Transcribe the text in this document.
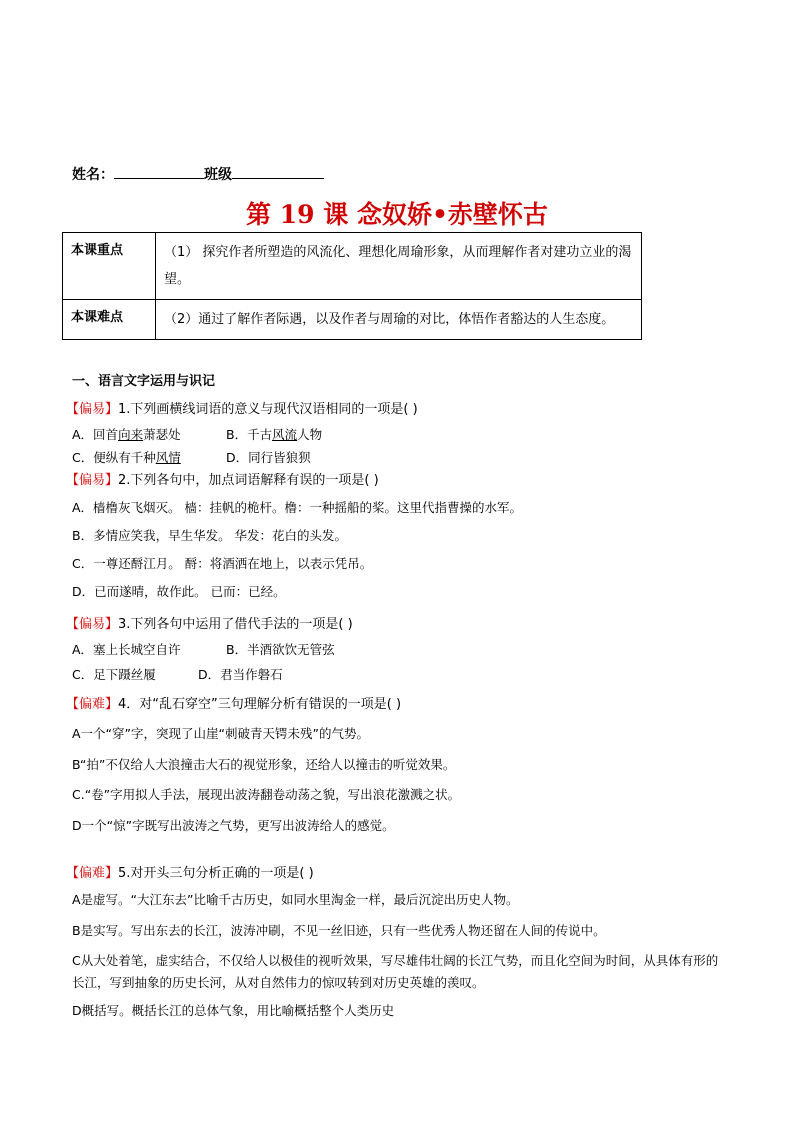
姓名：	班级
第 19 课 念奴娇•赤壁怀古
本课重点	（1） 探究作者所塑造的风流化、理想化周瑜形象，从而理解作者对建功立业的渴望。
本课难点	（2）通过了解作者际遇，以及作者与周瑜的对比，体悟作者豁达的人生态度。
一、语言文字运用与识记
【偏易】1.下列画横线词语的意义与现代汉语相同的一项是( )
A．回首向来萧瑟处	B．千古风流人物
C．便纵有千种风情	D．同行皆狼狈
【偏易】2.下列各句中，加点词语解释有误的一项是( )
A．樯橹灰飞烟灭。 樯：挂帆的桅杆。橹：一种摇船的桨。这里代指曹操的水军。
B．多情应笑我，早生华发。 华发：花白的头发。
C．一尊还酹江月。 酹：将酒洒在地上，以表示凭吊。
D．已而遂晴，故作此。 已而：已经。
【偏易】3.下列各句中运用了借代手法的一项是( )
A．塞上长城空自许	B．半酒欲饮无管弦
C．足下蹑丝履	D．君当作磐石
【偏难】4．对“乱石穿空”三句理解分析有错误的一项是( )
A一个“穿”字，突现了山崖“刺破青天锷未残”的气势。
B“拍”不仅给人大浪撞击大石的视觉形象，还给人以撞击的听觉效果。
C.“卷”字用拟人手法，展现出波涛翻卷动荡之貌，写出浪花激溅之状。
D一个“惊”字既写出波涛之气势，更写出波涛给人的感觉。
【偏难】5.对开头三句分析正确的一项是( )
A是虚写。“大江东去”比喻千古历史，如同水里淘金一样，最后沉淀出历史人物。
B是实写。写出东去的长江，波涛冲刷，不见一丝旧迹，只有一些优秀人物还留在人间的传说中。
C从大处着笔，虚实结合，不仅给人以极佳的视听效果，写尽雄伟壮阔的长江气势，而且化空间为时间，从具体有形的长江，写到抽象的历史长河，从对自然伟力的惊叹转到对历史英雄的羡叹。
D概括写。概括长江的总体气象，用比喻概括整个人类历史
